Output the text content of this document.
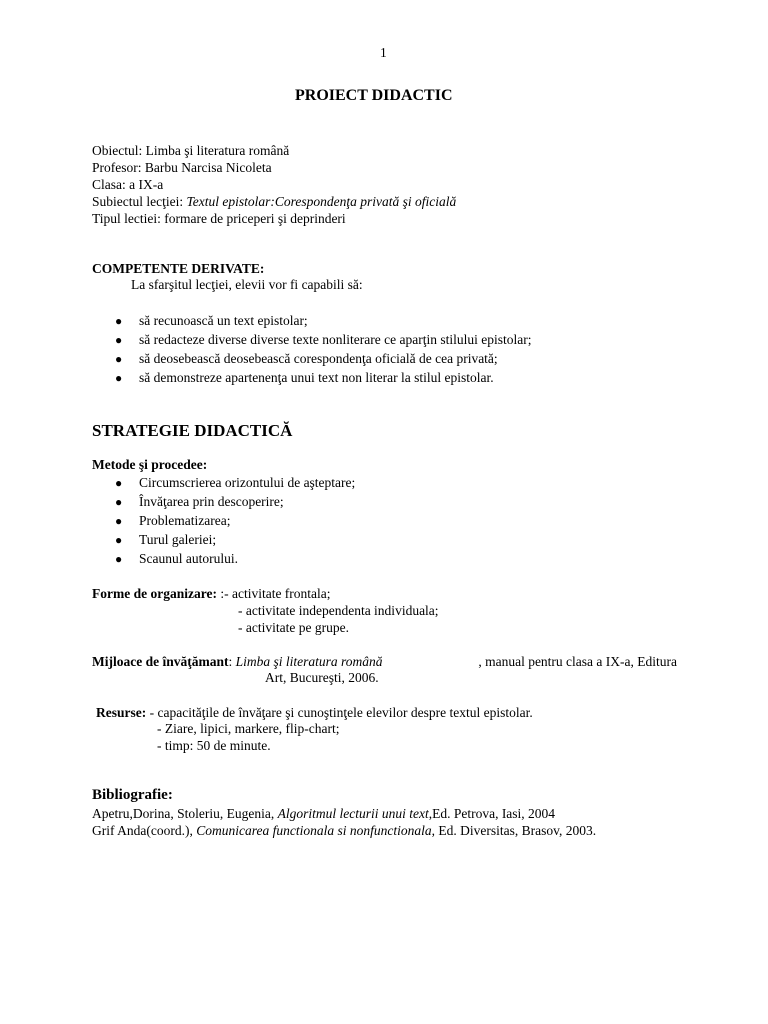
1
PROIECT DIDACTIC
Obiectul: Limba şi literatura română
Profesor: Barbu Narcisa Nicoleta
Clasa: a IX-a
Subiectul lecţiei: Textul epistolar:Corespondenţa privată şi oficială
Tipul lectiei: formare de priceperi şi deprinderi
COMPETENTE DERIVATE:
La sfarşitul lecţiei, elevii vor fi capabili să:
● să recunoască un text epistolar;
● să redacteze diverse diverse texte nonliterare ce aparţin stilului epistolar;
● să deosebească deosebească corespondenţa oficială de cea privată;
● să demonstreze apartenenţa unui text non literar la stilul epistolar.
STRATEGIE DIDACTICĂ
Metode şi procedee:
● Circumscrierea orizontului de aşteptare;
● Învăţarea prin descoperire;
● Problematizarea;
● Turul galeriei;
● Scaunul autorului.
Forme de organizare: :- activitate frontala;
- activitate independenta individuala;
- activitate pe grupe.
Mijloace de învăţămant: Limba şi literatura română	, manual pentru clasa a IX-a, Editura
Art, Bucureşti, 2006.
Resurse: - capacităţile de învăţare şi cunoştinţele elevilor despre textul epistolar.
- Ziare, lipici, markere, flip-chart;
- timp: 50 de minute.
Bibliografie:
Apetru,Dorina, Stoleriu, Eugenia, Algoritmul lecturii unui text,Ed. Petrova, Iasi, 2004
Grif Anda(coord.), Comunicarea functionala si nonfunctionala, Ed. Diversitas, Brasov, 2003.
